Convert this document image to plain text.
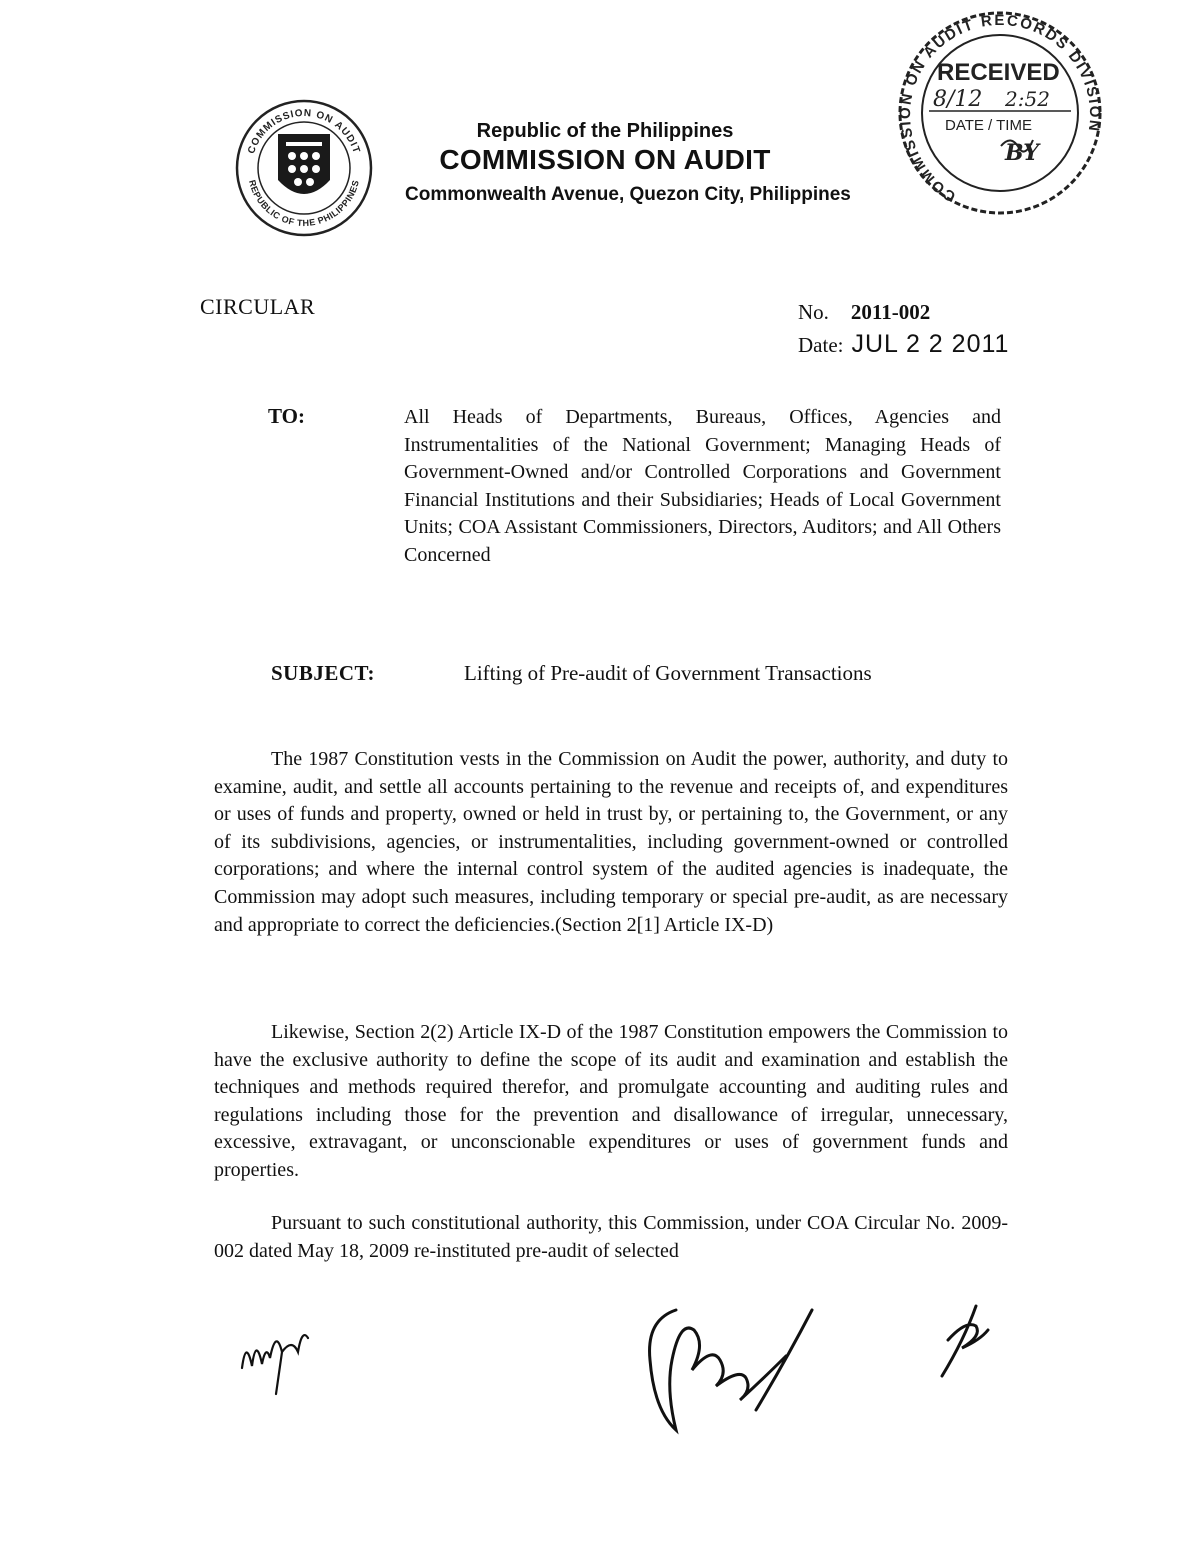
COMMISSION ON AUDIT
REPUBLIC OF THE PHILIPPINES
Republic of the Philippines
COMMISSION ON AUDIT
Commonwealth Avenue, Quezon City, Philippines	COMMISSION ON AUDIT RECORDS DIVISION
RECEIVED
8/12 2:52
DATE / TIME
BY
CIRCULAR	No. 2011-002
Date: JUL 2 2 2011
TO:	All Heads of Departments, Bureaus, Offices, Agencies and Instrumentalities of the National Government; Managing Heads of Government-Owned and/or Controlled Corporations and Government Financial Institutions and their Subsidiaries; Heads of Local Government Units; COA Assistant Commissioners, Directors, Auditors; and All Others Concerned
SUBJECT:	Lifting of Pre-audit of Government Transactions
The 1987 Constitution vests in the Commission on Audit the power, authority, and duty to examine, audit, and settle all accounts pertaining to the revenue and receipts of, and expenditures or uses of funds and property, owned or held in trust by, or pertaining to, the Government, or any of its subdivisions, agencies, or instrumentalities, including government-owned or controlled corporations; and where the internal control system of the audited agencies is inadequate, the Commission may adopt such measures, including temporary or special pre-audit, as are necessary and appropriate to correct the deficiencies.(Section 2[1] Article IX-D)
Likewise, Section 2(2) Article IX-D of the 1987 Constitution empowers the Commission to have the exclusive authority to define the scope of its audit and examination and establish the techniques and methods required therefor, and promulgate accounting and auditing rules and regulations including those for the prevention and disallowance of irregular, unnecessary, excessive, extravagant, or unconscionable expenditures or uses of government funds and properties.
Pursuant to such constitutional authority, this Commission, under COA Circular No. 2009-002 dated May 18, 2009 re-instituted pre-audit of selected
